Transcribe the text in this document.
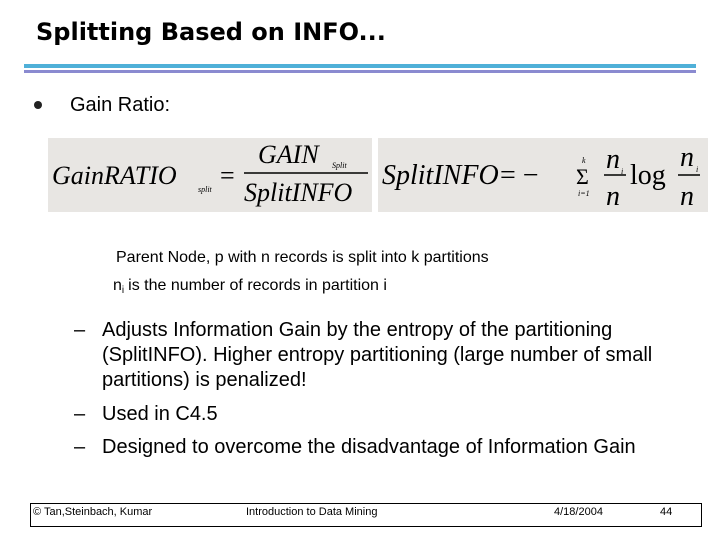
Splitting Based on INFO...
Gain Ratio:
GainRATIO	split =
GAIN Split
SplitINFO
SplitINFO = −	k
Σ
i=1
n i
n
log
n i
n
Parent Node, p with n records is split into k partitions
$n_i$ is the number of records in partition i
– Adjusts Information Gain by the entropy of the partitioning (SplitINFO). Higher entropy partitioning (large number of small partitions) is penalized!
– Used in C4.5
– Designed to overcome the disadvantage of Information Gain
© Tan,Steinbach, Kumar	Introduction to Data Mining	4/18/2004	44
